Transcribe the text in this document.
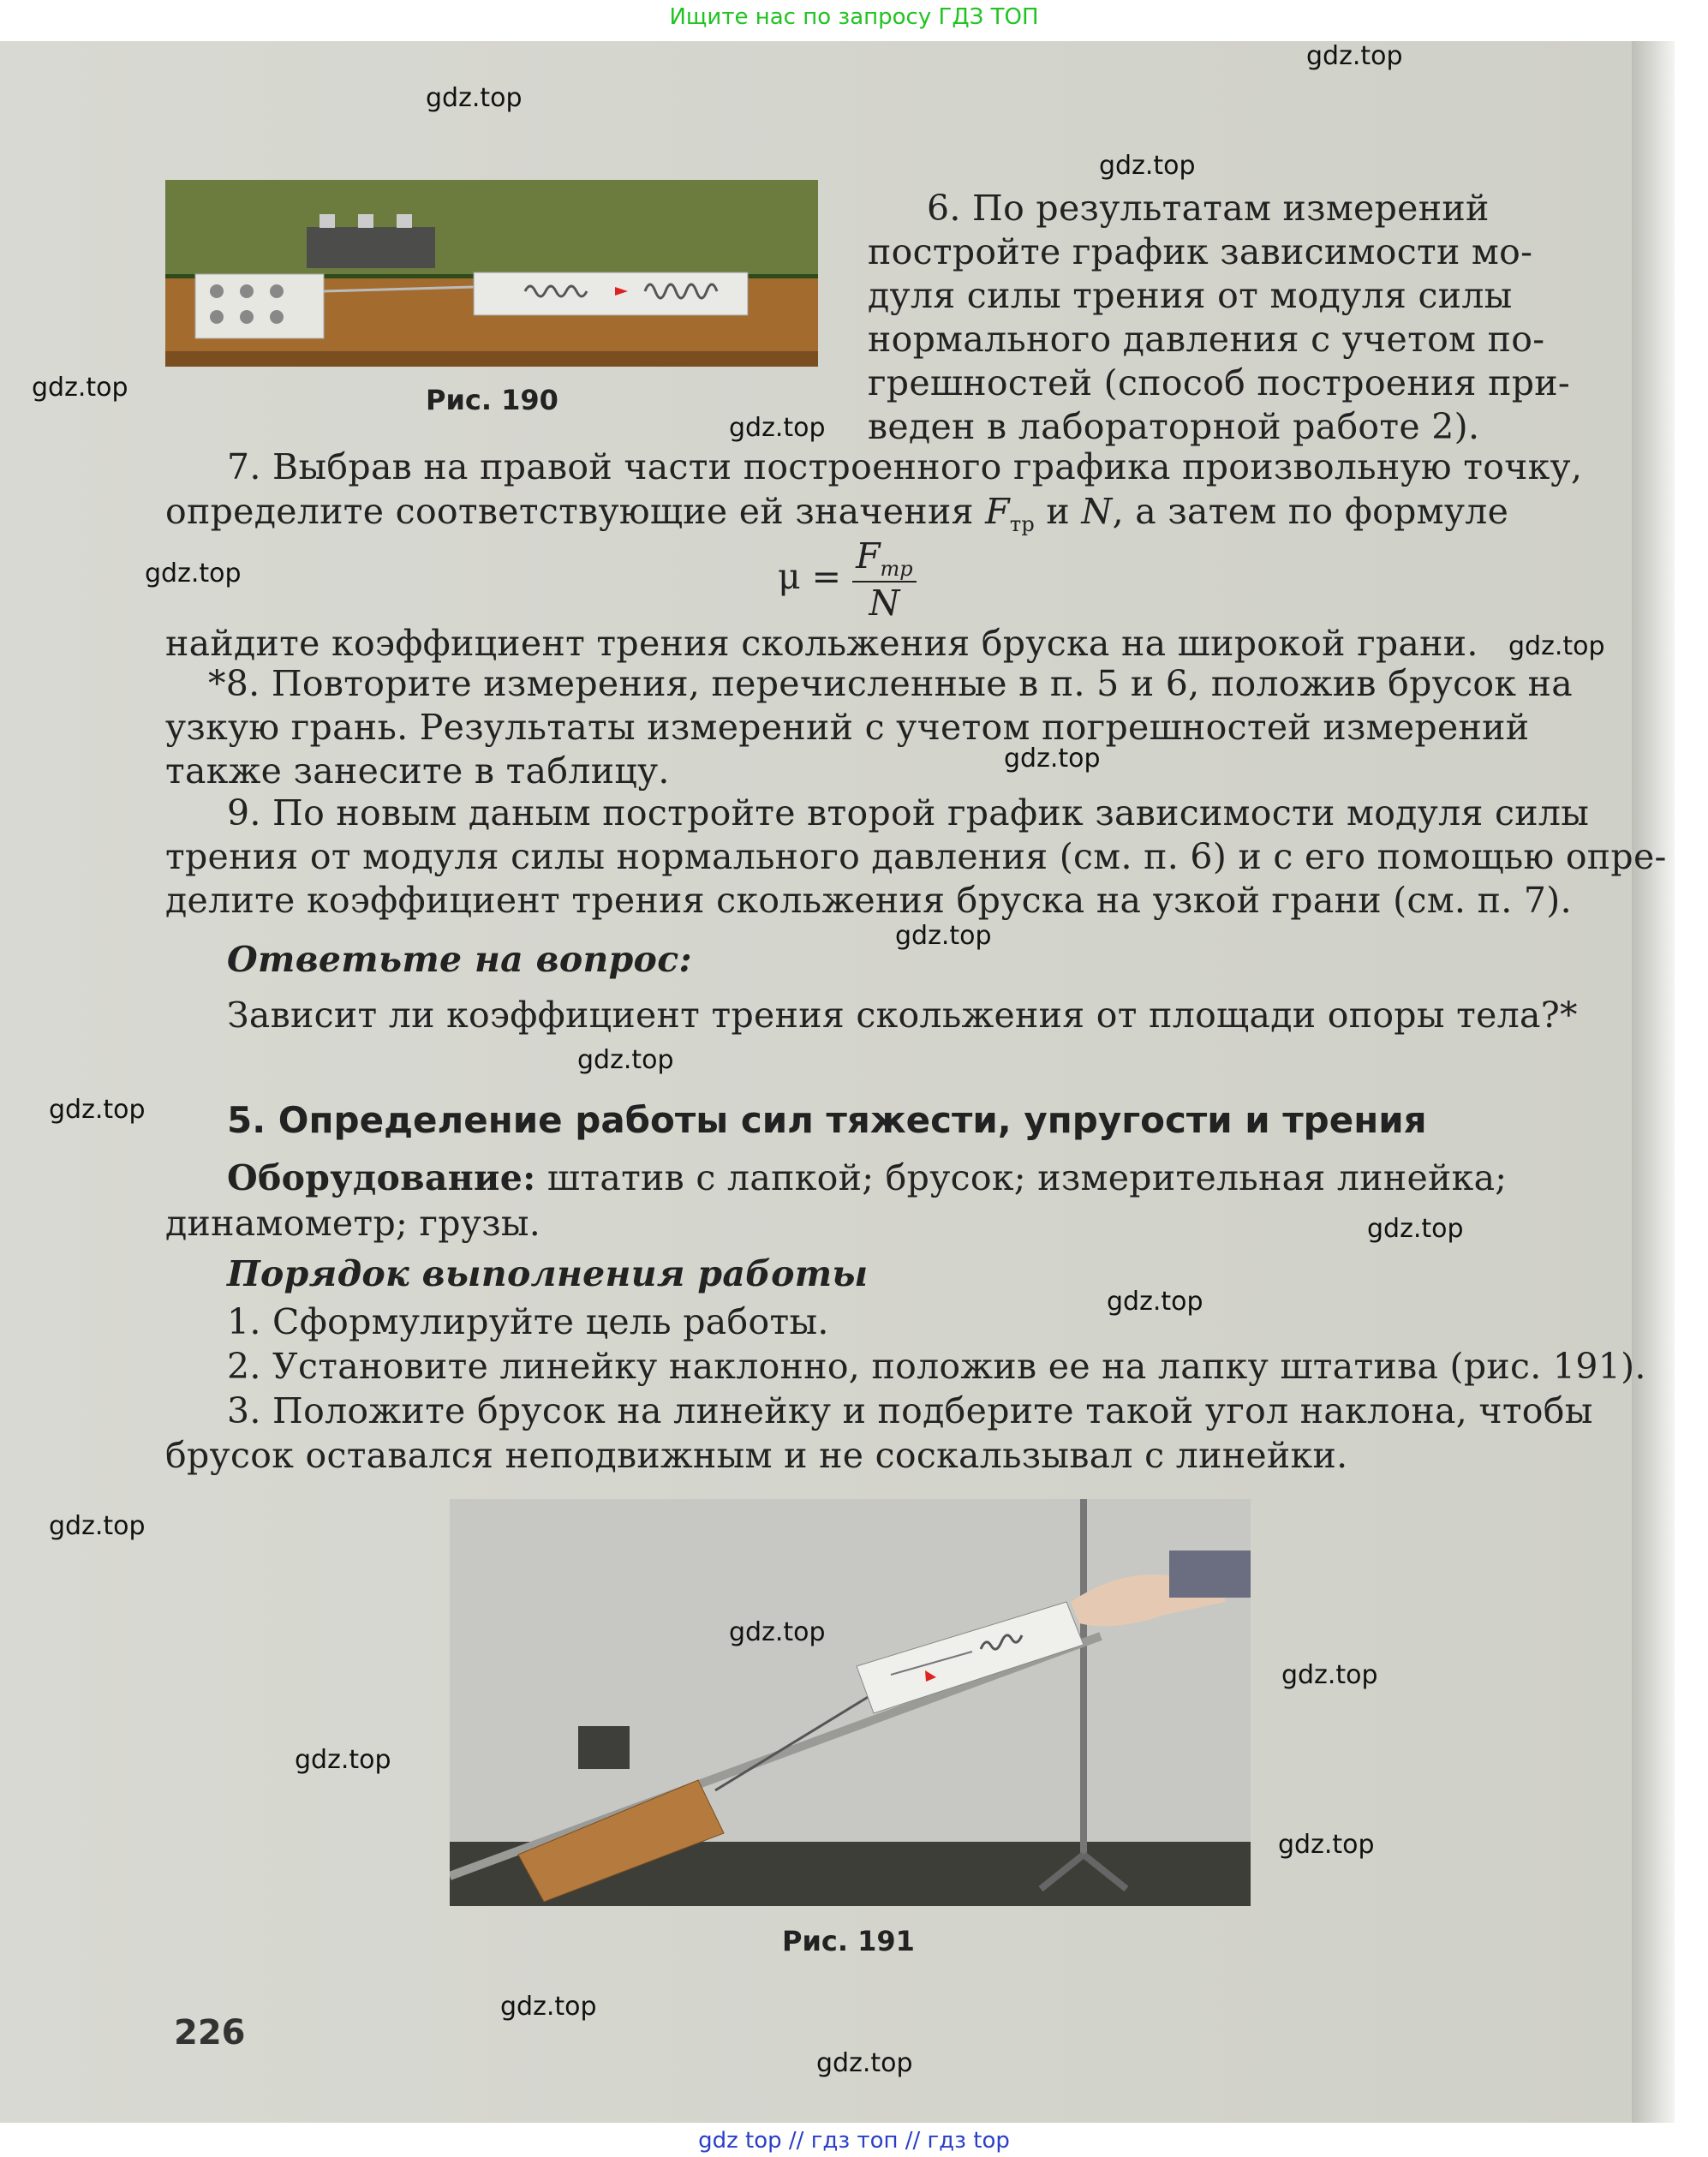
Ищите нас по запросу ГДЗ ТОП
Рис. 190
6. По результатам измерений
постройте график зависимости мо-
дуля силы трения от модуля силы
нормального давления с учетом по-
грешностей (способ построения при-
веден в лабораторной работе 2).
7. Выбрав на правой части построенного графика произвольную точку,
определите соответствующие ей значения $F_{тр}$ и N, а затем по формуле
$\mu = \frac{F_{тр}}{N}$
найдите коэффициент трения скольжения бруска на широкой грани.
*8. Повторите измерения, перечисленные в п. 5 и 6, положив брусок на
узкую грань. Результаты измерений с учетом погрешностей измерений
также занесите в таблицу.
9. По новым даным постройте второй график зависимости модуля силы
трения от модуля силы нормального давления (см. п. 6) и с его помощью опре-
делите коэффициент трения скольжения бруска на узкой грани (см. п. 7).
Ответьте на вопрос:
Зависит ли коэффициент трения скольжения от площади опоры тела?*
5. Определение работы сил тяжести, упругости и трения
Оборудование: штатив с лапкой; брусок; измерительная линейка;
динамометр; грузы.
Порядок выполнения работы
1. Сформулируйте цель работы.
2. Установите линейку наклонно, положив ее на лапку штатива (рис. 191).
3. Положите брусок на линейку и подберите такой угол наклона, чтобы
брусок оставался неподвижным и не соскальзывал с линейки.
Рис. 191
226
gdz.top
gdz.top
gdz.top
gdz.top
gdz.top
gdz.top
gdz.top
gdz.top
gdz.top
gdz.top
gdz.top
gdz.top
gdz.top
gdz.top
gdz.top
gdz.top
gdz.top
gdz.top
gdz.top
gdz.top
gdz top // гдз топ // гдз top
